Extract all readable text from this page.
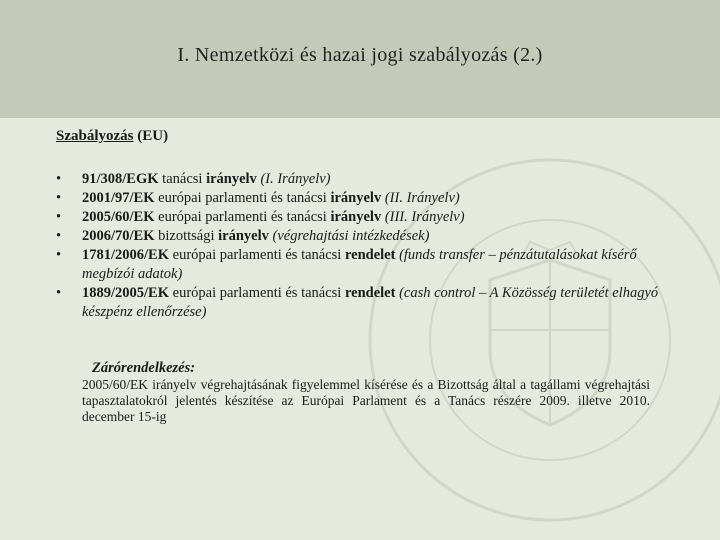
I. Nemzetközi és hazai jogi szabályozás (2.)
Szabályozás (EU)
• 91/308/EGK tanácsi irányelv (I. Irányelv)
• 2001/97/EK európai parlamenti és tanácsi irányelv (II. Irányelv)
• 2005/60/EK európai parlamenti és tanácsi irányelv (III. Irányelv)
• 2006/70/EK bizottsági irányelv (végrehajtási intézkedések)
• 1781/2006/EK európai parlamenti és tanácsi rendelet (funds transfer – pénzátutalásokat kísérő megbízói adatok)
• 1889/2005/EK európai parlamenti és tanácsi rendelet (cash control – A Közösség területét elhagyó készpénz ellenőrzése)
Zárórendelkezés:
2005/60/EK irányelv végrehajtásának figyelemmel kísérése és a Bizottság által a tagállami végrehajtási tapasztalatokról jelentés készítése az Európai Parlament és a Tanács részére 2009. illetve 2010. december 15-ig
